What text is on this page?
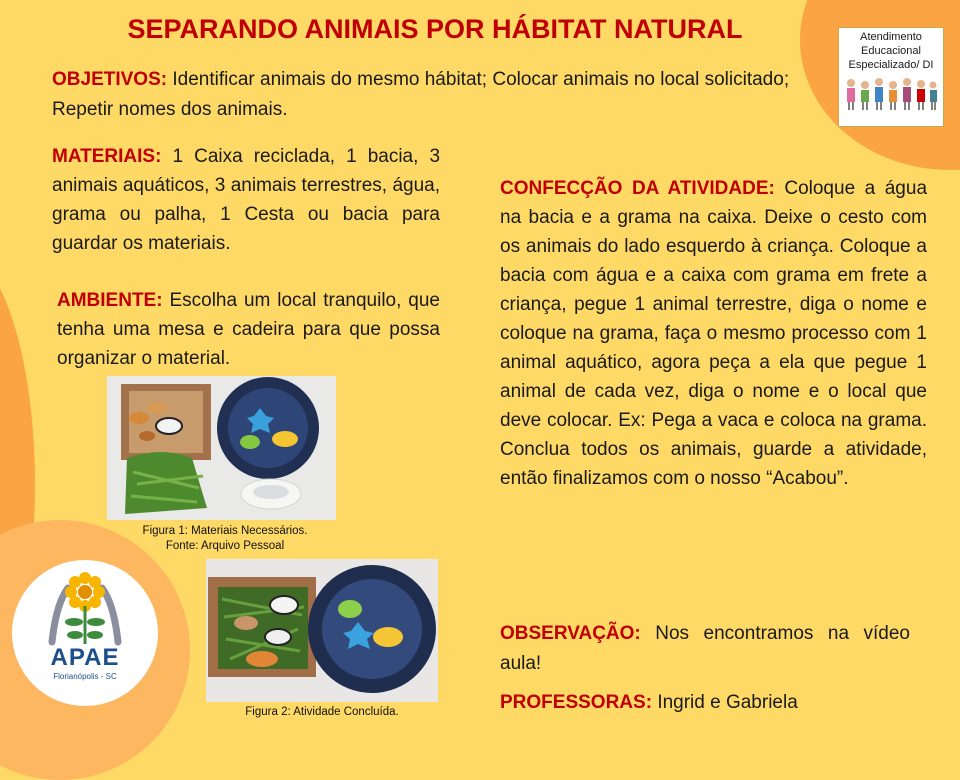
SEPARANDO ANIMAIS POR HÁBITAT NATURAL	Atendimento
Educacional
Especializado/ DI

OBJETIVOS: Identificar animais do mesmo hábitat; Colocar animais no local solicitado; Repetir nomes dos animais.

MATERIAIS: 1 Caixa reciclada, 1 bacia, 3 animais aquáticos, 3 animais terrestres, água, grama ou palha, 1 Cesta ou bacia para guardar os materiais.

AMBIENTE: Escolha um local tranquilo, que tenha uma mesa e cadeira para que possa organizar o material.

CONFECÇÃO DA ATIVIDADE: Coloque a água na bacia e a grama na caixa. Deixe o cesto com os animais do lado esquerdo à criança. Coloque a bacia com água e a caixa com grama em frete a criança, pegue 1 animal terrestre, diga o nome e coloque na grama, faça o mesmo processo com 1 animal aquático, agora peça a ela que pegue 1 animal de cada vez, diga o nome e o local que deve colocar. Ex: Pega a vaca e coloca na grama. Conclua todos os animais, guarde a atividade, então finalizamos com o nosso “Acabou”.

Figura 1: Materiais Necessários.
Fonte: Arquivo Pessoal
Figura 2: Atividade Concluída.
APAE
Florianópolis - SC

OBSERVAÇÃO: Nos encontramos na vídeo aula!

PROFESSORAS: Ingrid e Gabriela
